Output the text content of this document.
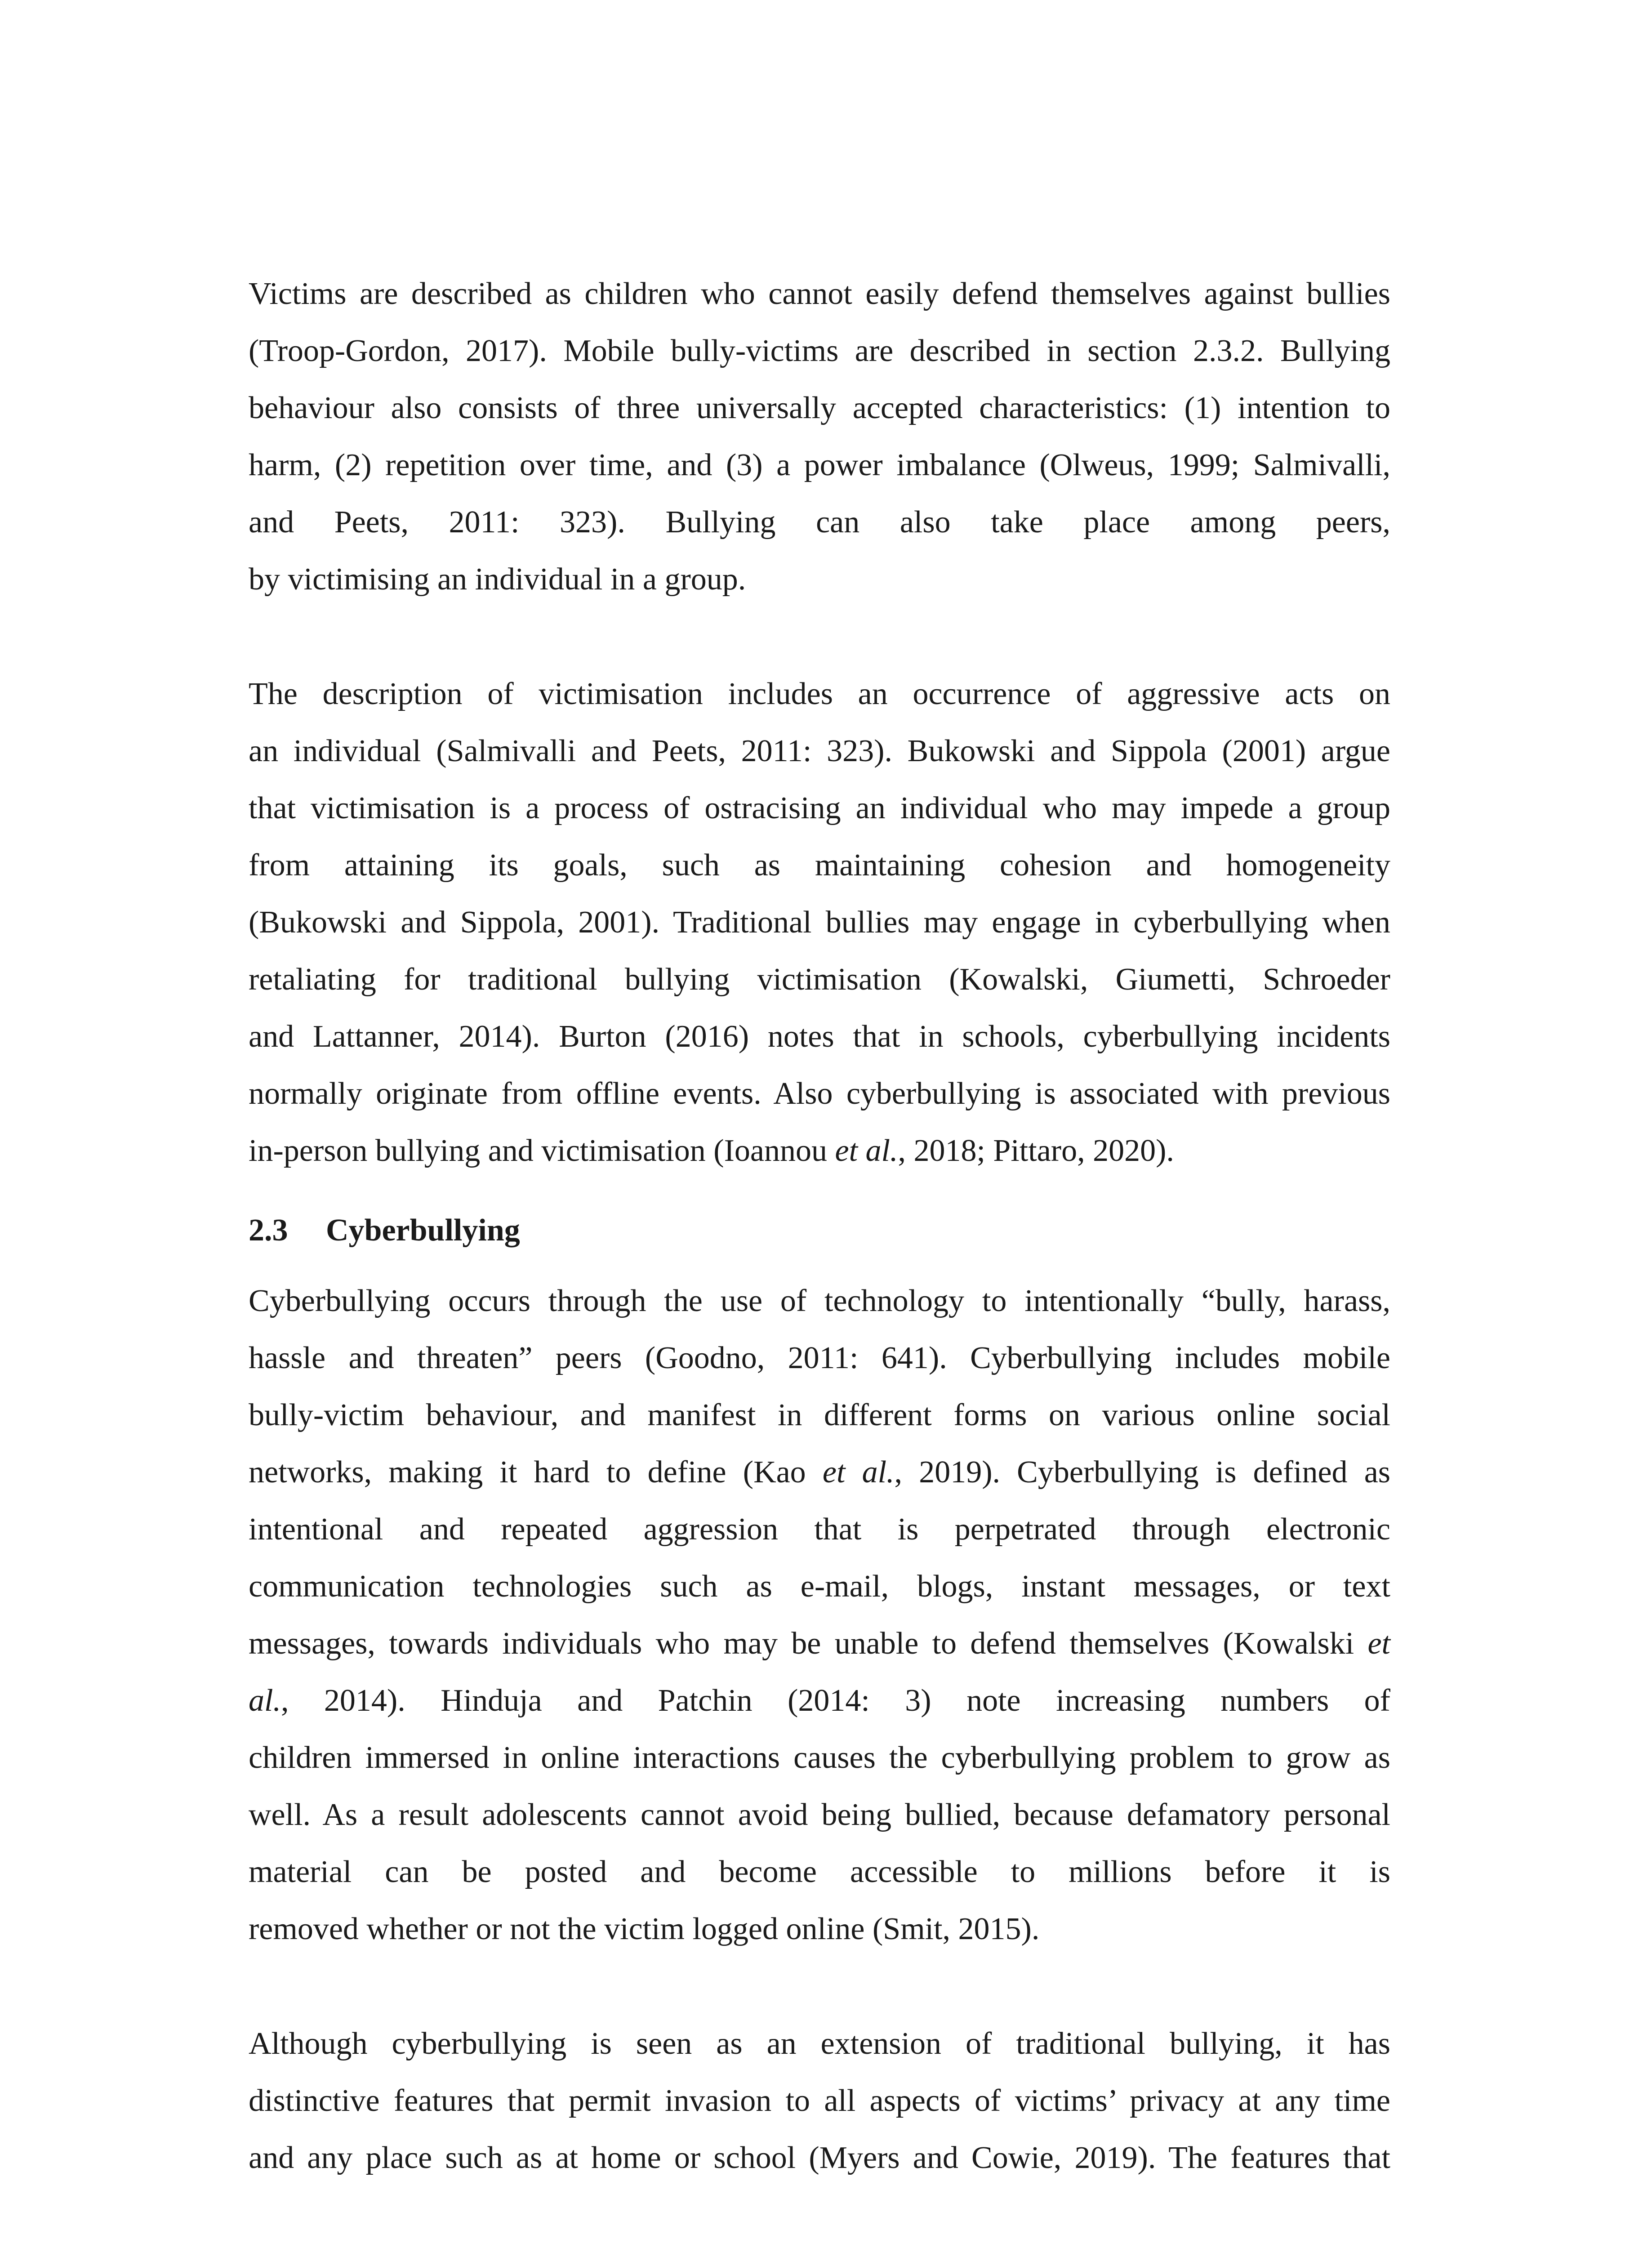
Victims are described as children who cannot easily defend themselves against bullies
(Troop-Gordon, 2017). Mobile bully-victims are described in section 2.3.2. Bullying
behaviour also consists of three universally accepted characteristics: (1) intention to
harm, (2) repetition over time, and (3) a power imbalance (Olweus, 1999; Salmivalli,
and Peets, 2011: 323). Bullying can also take place among peers,
by victimising an individual in a group.

The description of victimisation includes an occurrence of aggressive acts on
an individual (Salmivalli and Peets, 2011: 323). Bukowski and Sippola (2001) argue
that victimisation is a process of ostracising an individual who may impede a group
from attaining its goals, such as maintaining cohesion and homogeneity
(Bukowski and Sippola, 2001). Traditional bullies may engage in cyberbullying when
retaliating for traditional bullying victimisation (Kowalski, Giumetti, Schroeder
and Lattanner, 2014). Burton (2016) notes that in schools, cyberbullying incidents
normally originate from offline events. Also cyberbullying is associated with previous
in-person bullying and victimisation (Ioannou et al., 2018; Pittaro, 2020).

2.3 Cyberbullying

Cyberbullying occurs through the use of technology to intentionally “bully, harass,
hassle and threaten” peers (Goodno, 2011: 641). Cyberbullying includes mobile
bully-victim behaviour, and manifest in different forms on various online social
networks, making it hard to define (Kao et al., 2019). Cyberbullying is defined as
intentional and repeated aggression that is perpetrated through electronic
communication technologies such as e-mail, blogs, instant messages, or text
messages, towards individuals who may be unable to defend themselves (Kowalski et
al., 2014). Hinduja and Patchin (2014: 3) note increasing numbers of
children immersed in online interactions causes the cyberbullying problem to grow as
well. As a result adolescents cannot avoid being bullied, because defamatory personal
material can be posted and become accessible to millions before it is
removed whether or not the victim logged online (Smit, 2015).

Although cyberbullying is seen as an extension of traditional bullying, it has
distinctive features that permit invasion to all aspects of victims’ privacy at any time
and any place such as at home or school (Myers and Cowie, 2019). The features that
